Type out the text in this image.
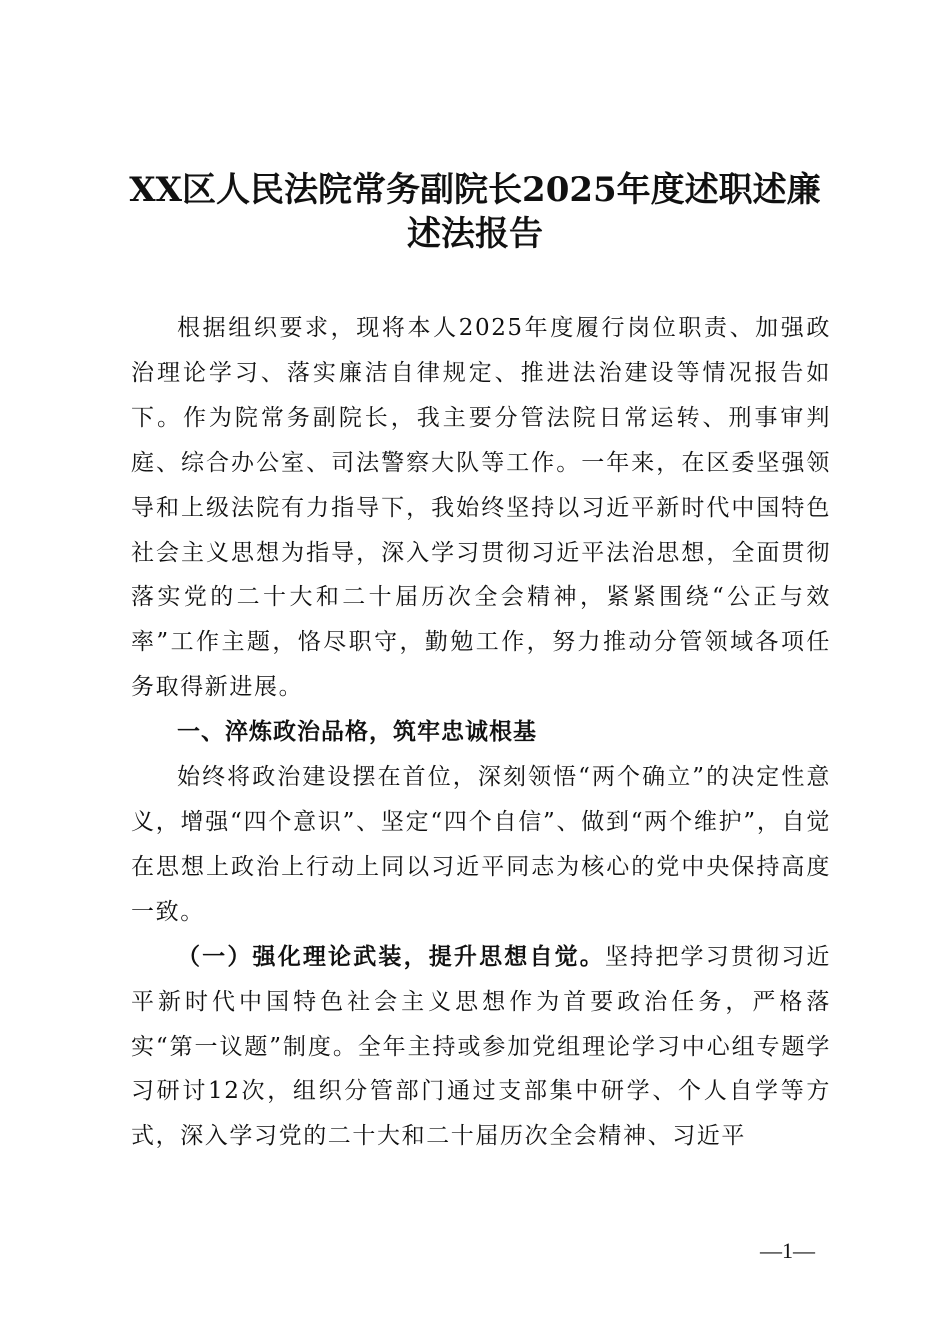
XX区人民法院常务副院长2025年度述职述廉
述法报告

根据组织要求，现将本人2025年度履行岗位职责、加强政治理论学习、落实廉洁自律规定、推进法治建设等情况报告如下。作为院常务副院长，我主要分管法院日常运转、刑事审判庭、综合办公室、司法警察大队等工作。一年来，在区委坚强领导和上级法院有力指导下，我始终坚持以习近平新时代中国特色社会主义思想为指导，深入学习贯彻习近平法治思想，全面贯彻落实党的二十大和二十届历次全会精神，紧紧围绕“公正与效率”工作主题，恪尽职守，勤勉工作，努力推动分管领域各项任务取得新进展。

一、淬炼政治品格，筑牢忠诚根基

始终将政治建设摆在首位，深刻领悟“两个确立”的决定性意义，增强“四个意识”、坚定“四个自信”、做到“两个维护”，自觉在思想上政治上行动上同以习近平同志为核心的党中央保持高度一致。

（一）强化理论武装，提升思想自觉。坚持把学习贯彻习近平新时代中国特色社会主义思想作为首要政治任务，严格落实“第一议题”制度。全年主持或参加党组理论学习中心组专题学习研讨12次，组织分管部门通过支部集中研学、个人自学等方式，深入学习党的二十大和二十届历次全会精神、习近平

—1—
